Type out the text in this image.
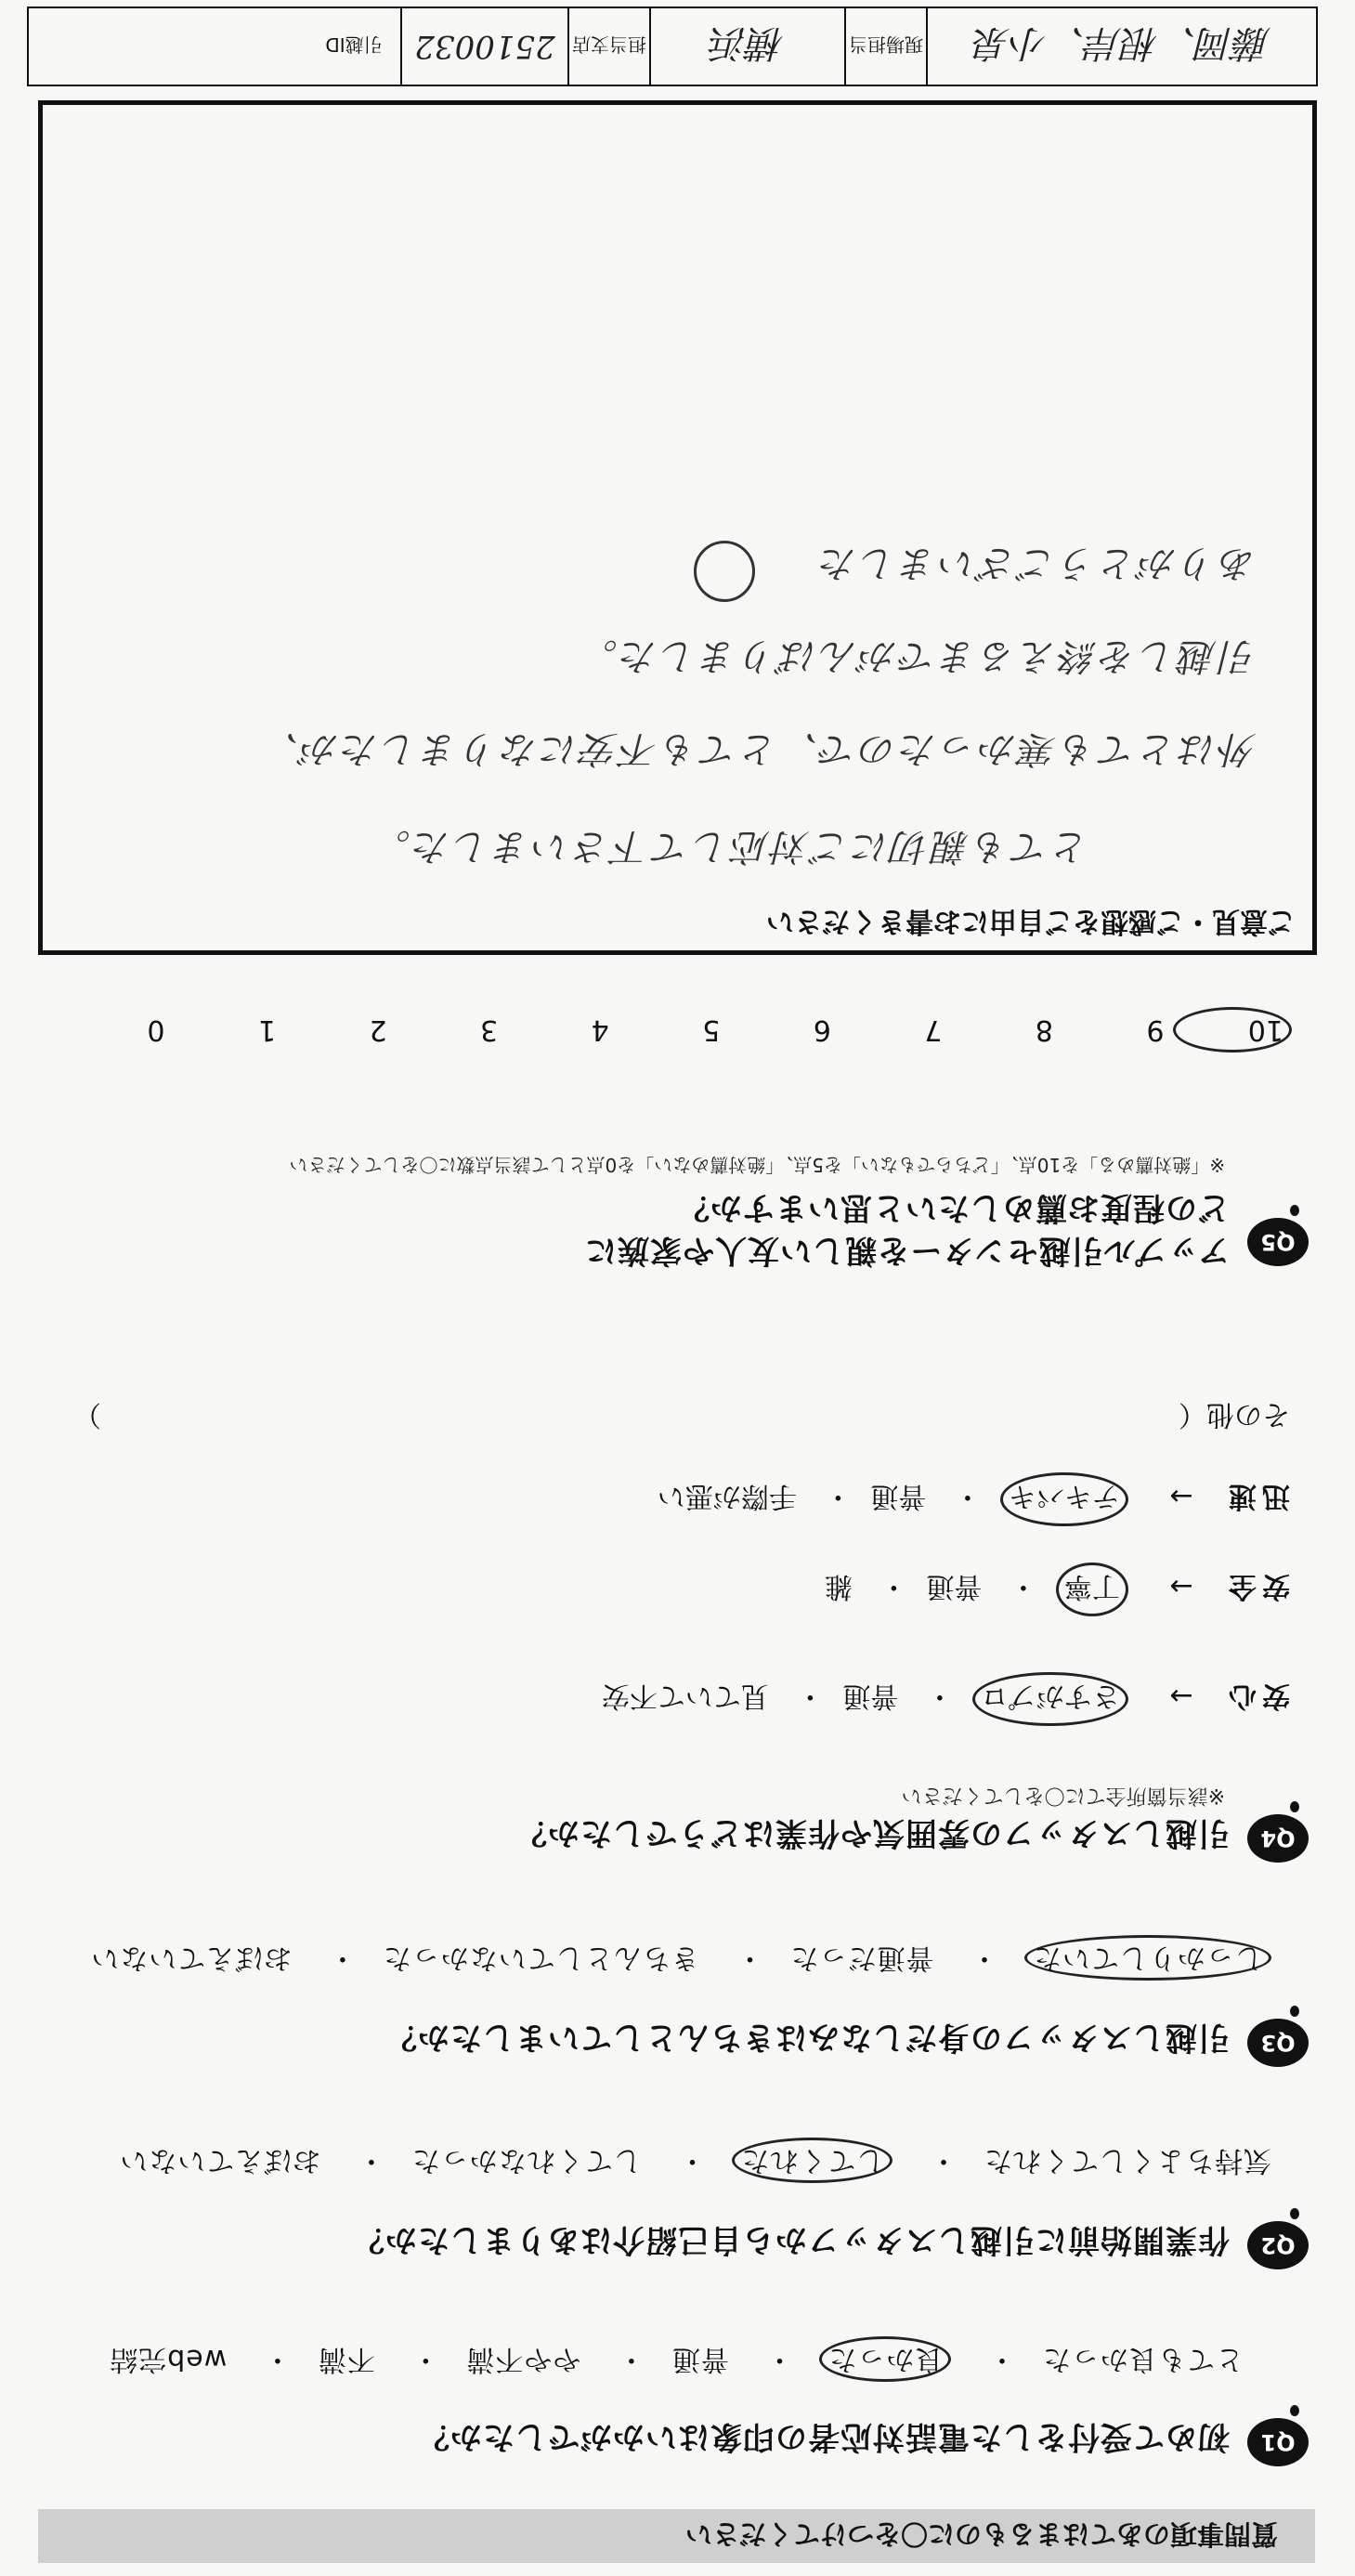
質問事項のあてはまるものに〇をつけてください
Q1
初めて受付をした電話対応者の印象はいかがでしたか？
とても良かった・ 良かった・ 普通・ やや不満・ 不満・ web完結
Q2
作業開始前に引越しスタッフから自己紹介はありましたか？
気持ちよくしてくれた・ してくれた・ してくれなかった・ おぼえていない
Q3
引越しスタッフの身だしなみはきちんとしていましたか？
しっかりしていた・ 普通だった・ きちんとしていなかった・ おぼえていない
Q4
引越しスタッフの雰囲気や作業はどうでしたか？
※該当箇所全てに〇をしてください
安心 → さすがプロ・ 普通・ 見ていて不安
安全 → 丁寧・ 普通・ 雑
迅速 → テキパキ・ 普通・ 手際が悪い
その他（
）
Q5
アップル引越センターを親しい友人や家族に
どの程度お薦めしたいと思いますか？
※「絶対薦める」を10点、「どちらでもない」を5点、「絶対薦めない」を0点として該当点数に〇をしてください
10 9 8 7 6 5 4 3 2 1 0
ご意見・ご感想をご自由にお書きください
とても親切にご対応して下さいました。
外はとても寒かったので、とても不安になりましたが、
引越しを終えるまでがんばりました。
ありがとうございました
藤岡、根岸、小泉
現場担当
横浜
担当支店
2510032
引越ID
